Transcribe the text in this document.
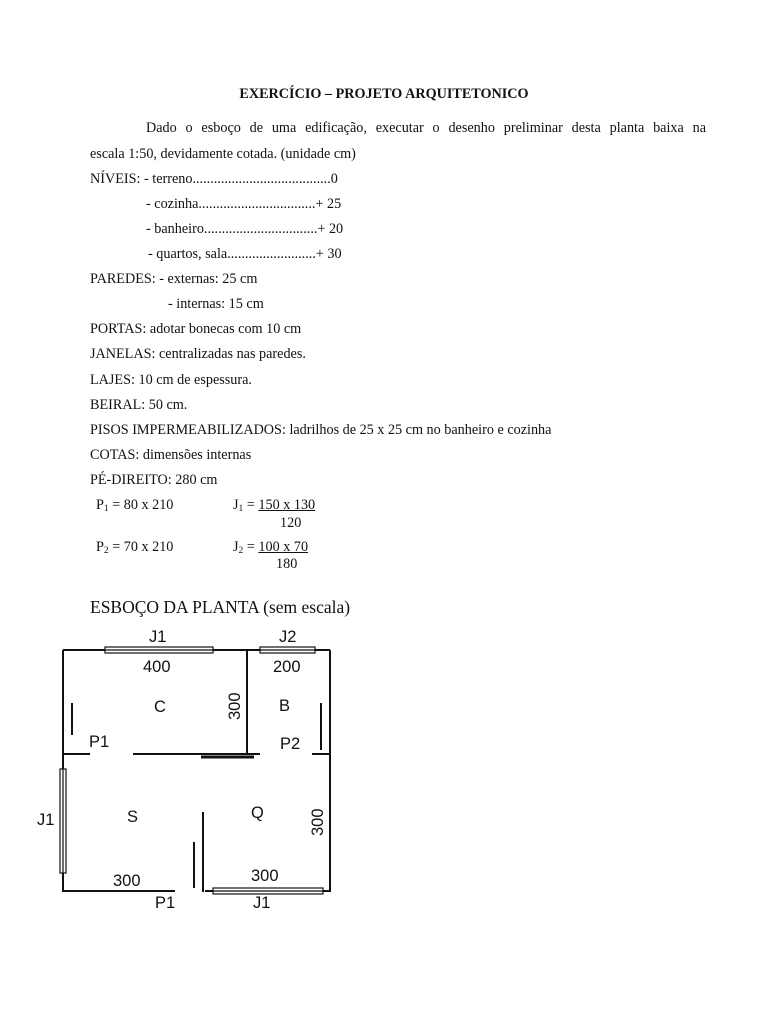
EXERCÍCIO – PROJETO ARQUITETONICO
Dado o esboço de uma edificação, executar o desenho preliminar desta planta baixa na
escala 1:50, devidamente cotada. (unidade cm)
NÍVEIS: - terreno.......................................0
- cozinha.................................+ 25
- banheiro................................+ 20
- quartos, sala.........................+ 30
PAREDES: - externas: 25 cm
- internas: 15 cm
PORTAS: adotar bonecas com 10 cm
JANELAS: centralizadas nas paredes.
LAJES: 10 cm de espessura.
BEIRAL: 50 cm.
PISOS IMPERMEABILIZADOS: ladrilhos de 25 x 25 cm no banheiro e cozinha
COTAS: dimensões internas
PÉ-DIREITO: 280 cm
$P_1 = 80$ x 210	$J_1 = 150$ x 130
120
$P_2 = 70$ x 210	$J_2 = 100$ x 70
180
ESBOÇO DA PLANTA (sem escala)
J1	J2
400	200
C	300 B
P1	P2
J1	S	Q	300
300	300
P1	J1
